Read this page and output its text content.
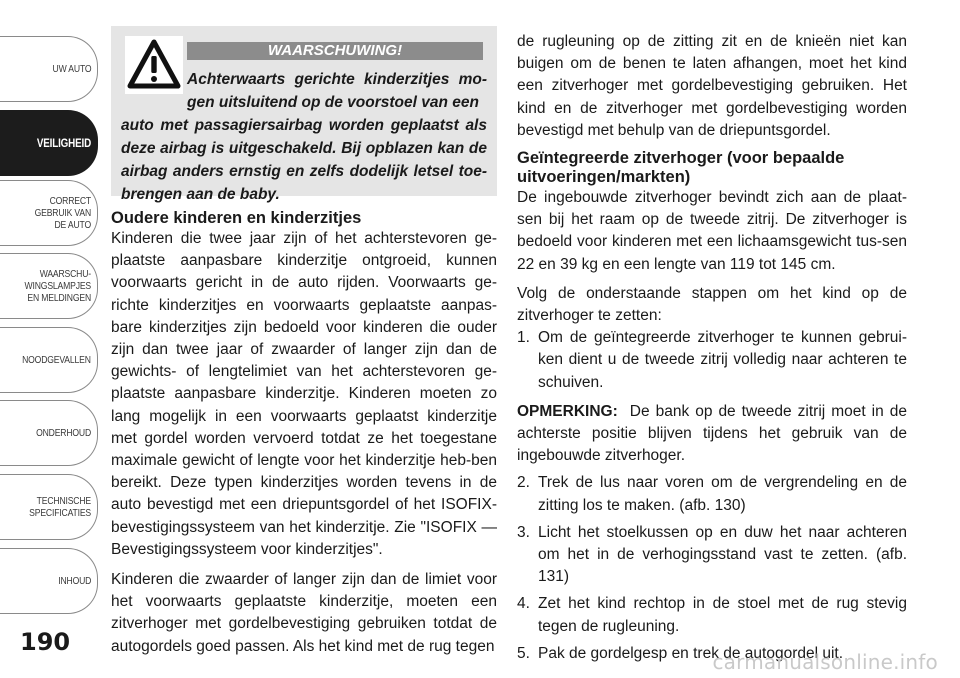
UW AUTO
VEILIGHEID
CORRECT GEBRUIK VAN DE AUTO
WAARSCHU-WINGSLAMPJES EN MELDINGEN
NOODGEVALLEN
ONDERHOUD
TECHNISCHE SPECIFICATIES
INHOUD
190
WAARSCHUWING!
Achterwaarts gerichte kinderzitjes mo-gen uitsluitend op de voorstoel van een
auto met passagiersairbag worden geplaatst als deze airbag is uitgeschakeld. Bij opblazen kan de airbag anders ernstig en zelfs dodelijk letsel toe-brengen aan de baby.

Oudere kinderen en kinderzitjes

Kinderen die twee jaar zijn of het achterstevoren ge-plaatste aanpasbare kinderzitje ontgroeid, kunnen voorwaarts gericht in de auto rijden. Voorwaarts ge-richte kinderzitjes en voorwaarts geplaatste aanpas-bare kinderzitjes zijn bedoeld voor kinderen die ouder zijn dan twee jaar of zwaarder of langer zijn dan de gewichts- of lengtelimiet van het achterstevoren ge-plaatste aanpasbare kinderzitje. Kinderen moeten zo lang mogelijk in een voorwaarts geplaatst kinderzitje met gordel worden vervoerd totdat ze het toegestane maximale gewicht of lengte voor het kinderzitje heb-ben bereikt. Deze typen kinderzitjes worden tevens in de auto bevestigd met een driepuntsgordel of het ISOFIX-bevestigingssysteem van het kinderzitje. Zie "ISOFIX — Bevestigingssysteem voor kinderzitjes".

Kinderen die zwaarder of langer zijn dan de limiet voor het voorwaarts geplaatste kinderzitje, moeten een zitverhoger met gordelbevestiging gebruiken totdat de autogordels goed passen. Als het kind met de rug tegen

de rugleuning op de zitting zit en de knieën niet kan buigen om de benen te laten afhangen, moet het kind een zitverhoger met gordelbevestiging gebruiken. Het kind en de zitverhoger met gordelbevestiging worden bevestigd met behulp van de driepuntsgordel.

Geïntegreerde zitverhoger (voor bepaalde uitvoeringen/markten)

De ingebouwde zitverhoger bevindt zich aan de plaat-sen bij het raam op de tweede zitrij. De zitverhoger is bedoeld voor kinderen met een lichaamsgewicht tus-sen 22 en 39 kg en een lengte van 119 tot 145 cm.

Volg de onderstaande stappen om het kind op de zitverhoger te zetten:

1. Om de geïntegreerde zitverhoger te kunnen gebrui-ken dient u de tweede zitrij volledig naar achteren te schuiven.

OPMERKING: De bank op de tweede zitrij moet in de achterste positie blijven tijdens het gebruik van de ingebouwde zitverhoger.

2. Trek de lus naar voren om de vergrendeling en de zitting los te maken. (afb. 130)
3. Licht het stoelkussen op en duw het naar achteren om het in de verhogingsstand vast te zetten. (afb. 131)
4. Zet het kind rechtop in de stoel met de rug stevig tegen de rugleuning.
5. Pak de gordelgesp en trek de autogordel uit.
carmanualsonline.info
